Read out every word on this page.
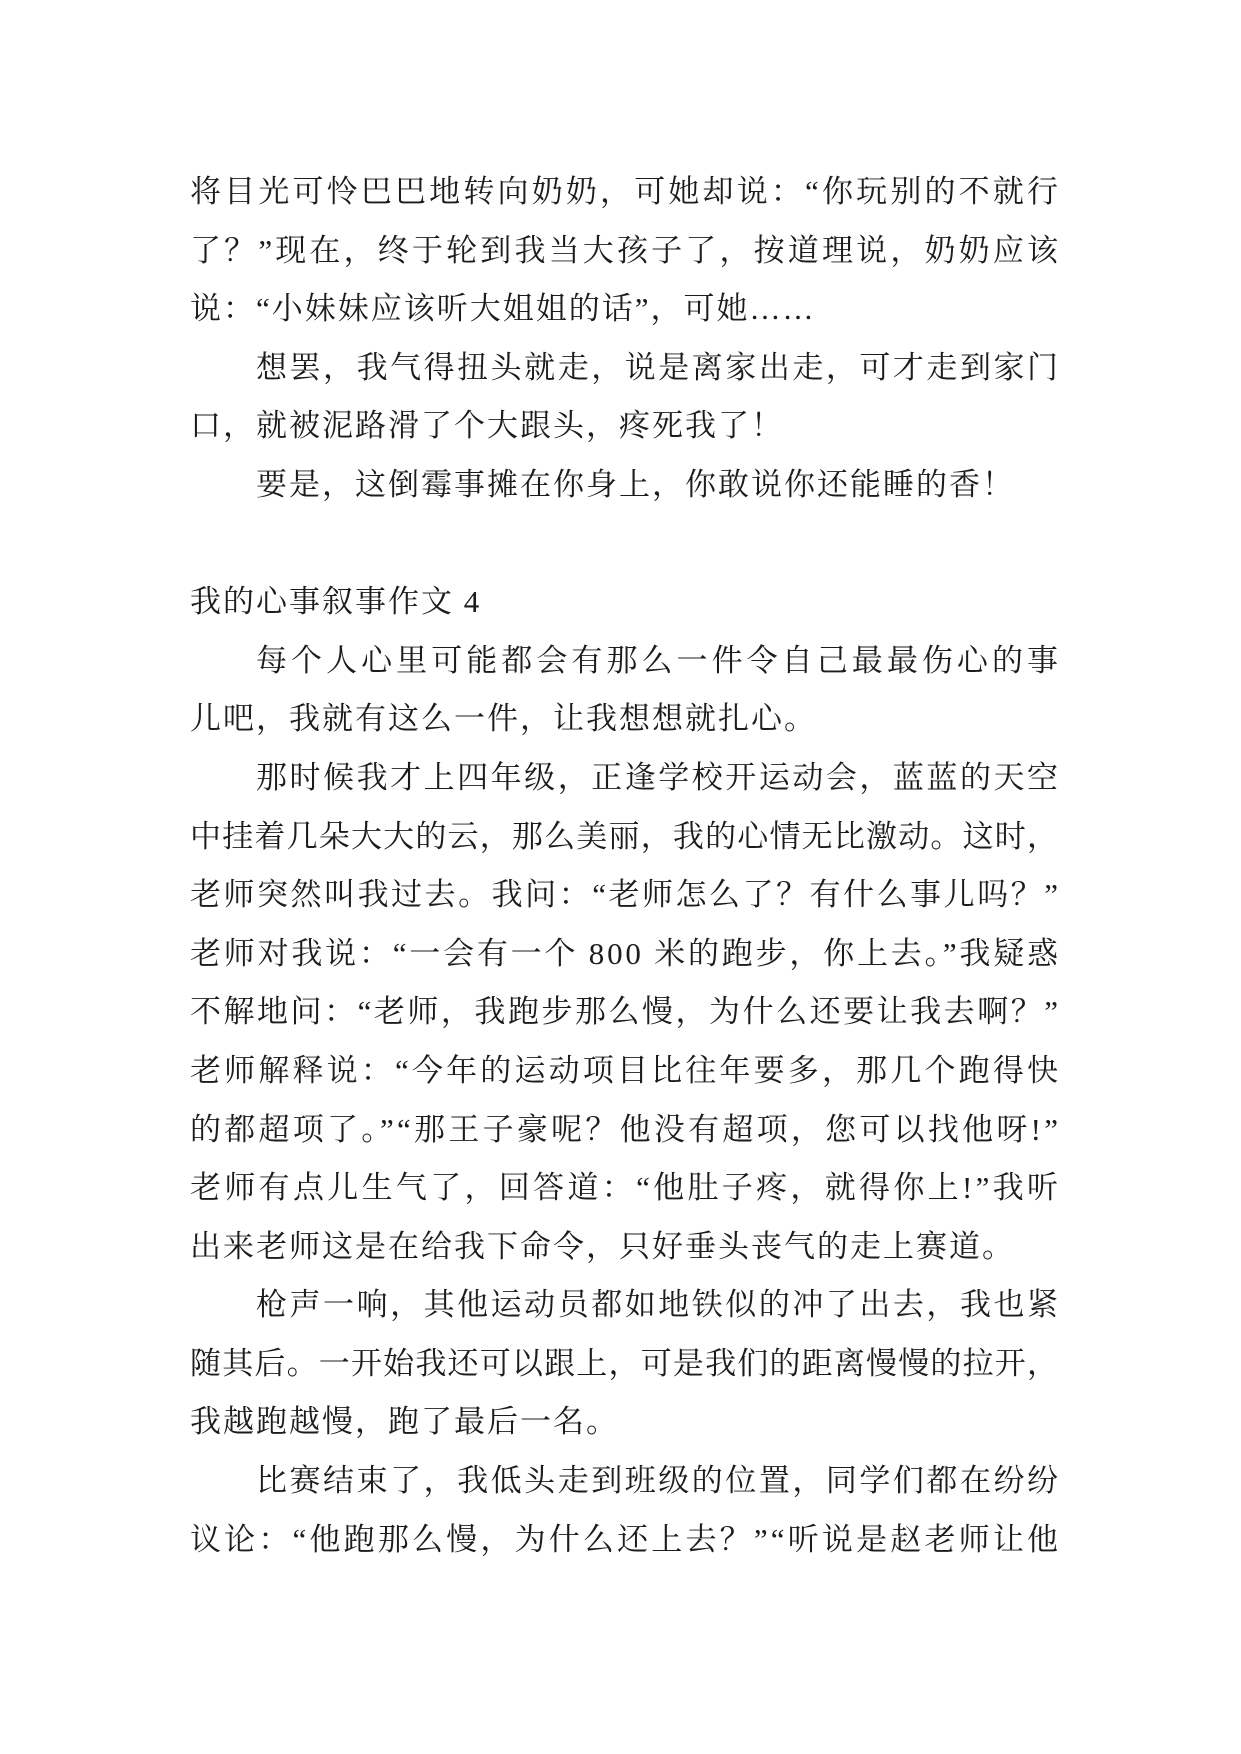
将目光可怜巴巴地转向奶奶，可她却说：“你玩别的不就行
了？”现在，终于轮到我当大孩子了，按道理说，奶奶应该
说：“小妹妹应该听大姐姐的话”，可她……
想罢，我气得扭头就走，说是离家出走，可才走到家门
口，就被泥路滑了个大跟头，疼死我了！
要是，这倒霉事摊在你身上，你敢说你还能睡的香！
我的心事叙事作文 4
每个人心里可能都会有那么一件令自己最最伤心的事
儿吧，我就有这么一件，让我想想就扎心。
那时候我才上四年级，正逢学校开运动会，蓝蓝的天空
中挂着几朵大大的云，那么美丽，我的心情无比激动。这时，
老师突然叫我过去。我问：“老师怎么了？有什么事儿吗？”
老师对我说：“一会有一个 800 米的跑步，你上去。”我疑惑
不解地问：“老师，我跑步那么慢，为什么还要让我去啊？”
老师解释说：“今年的运动项目比往年要多，那几个跑得快
的都超项了。”“那王子豪呢？他没有超项，您可以找他呀!”
老师有点儿生气了，回答道：“他肚子疼，就得你上!”我听
出来老师这是在给我下命令，只好垂头丧气的走上赛道。
枪声一响，其他运动员都如地铁似的冲了出去，我也紧
随其后。一开始我还可以跟上，可是我们的距离慢慢的拉开，
我越跑越慢，跑了最后一名。
比赛结束了，我低头走到班级的位置，同学们都在纷纷
议论：“他跑那么慢，为什么还上去？”“听说是赵老师让他
